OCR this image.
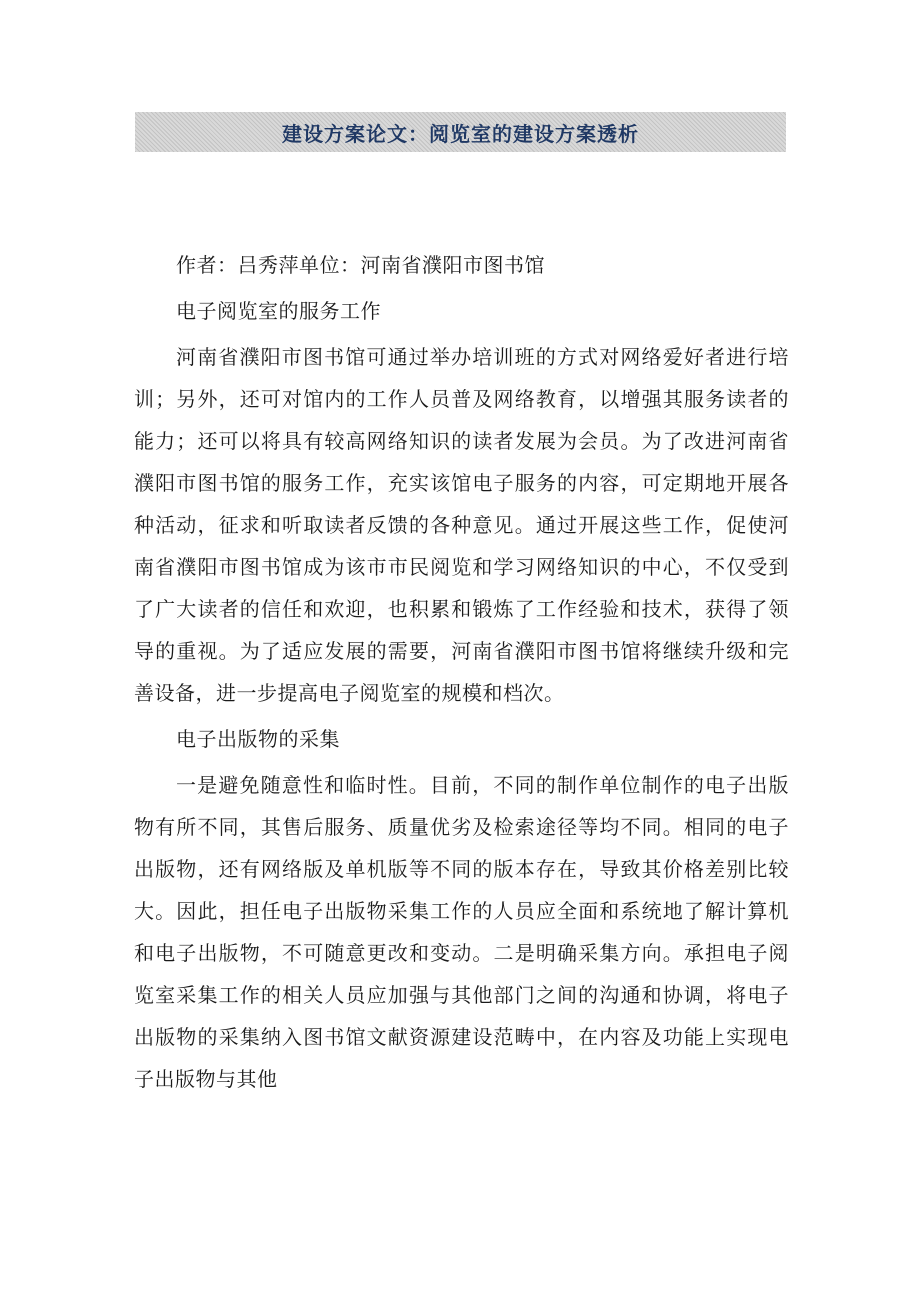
建设方案论文：阅览室的建设方案透析

作者：吕秀萍单位：河南省濮阳市图书馆

电子阅览室的服务工作

河南省濮阳市图书馆可通过举办培训班的方式对网络爱好者进行培训；另外，还可对馆内的工作人员普及网络教育，以增强其服务读者的能力；还可以将具有较高网络知识的读者发展为会员。为了改进河南省濮阳市图书馆的服务工作，充实该馆电子服务的内容，可定期地开展各种活动，征求和听取读者反馈的各种意见。通过开展这些工作，促使河南省濮阳市图书馆成为该市市民阅览和学习网络知识的中心，不仅受到了广大读者的信任和欢迎，也积累和锻炼了工作经验和技术，获得了领导的重视。为了适应发展的需要，河南省濮阳市图书馆将继续升级和完善设备，进一步提高电子阅览室的规模和档次。

电子出版物的采集

一是避免随意性和临时性。目前，不同的制作单位制作的电子出版物有所不同，其售后服务、质量优劣及检索途径等均不同。相同的电子出版物，还有网络版及单机版等不同的版本存在，导致其价格差别比较大。因此，担任电子出版物采集工作的人员应全面和系统地了解计算机和电子出版物，不可随意更改和变动。二是明确采集方向。承担电子阅览室采集工作的相关人员应加强与其他部门之间的沟通和协调，将电子出版物的采集纳入图书馆文献资源建设范畴中，在内容及功能上实现电子出版物与其他
